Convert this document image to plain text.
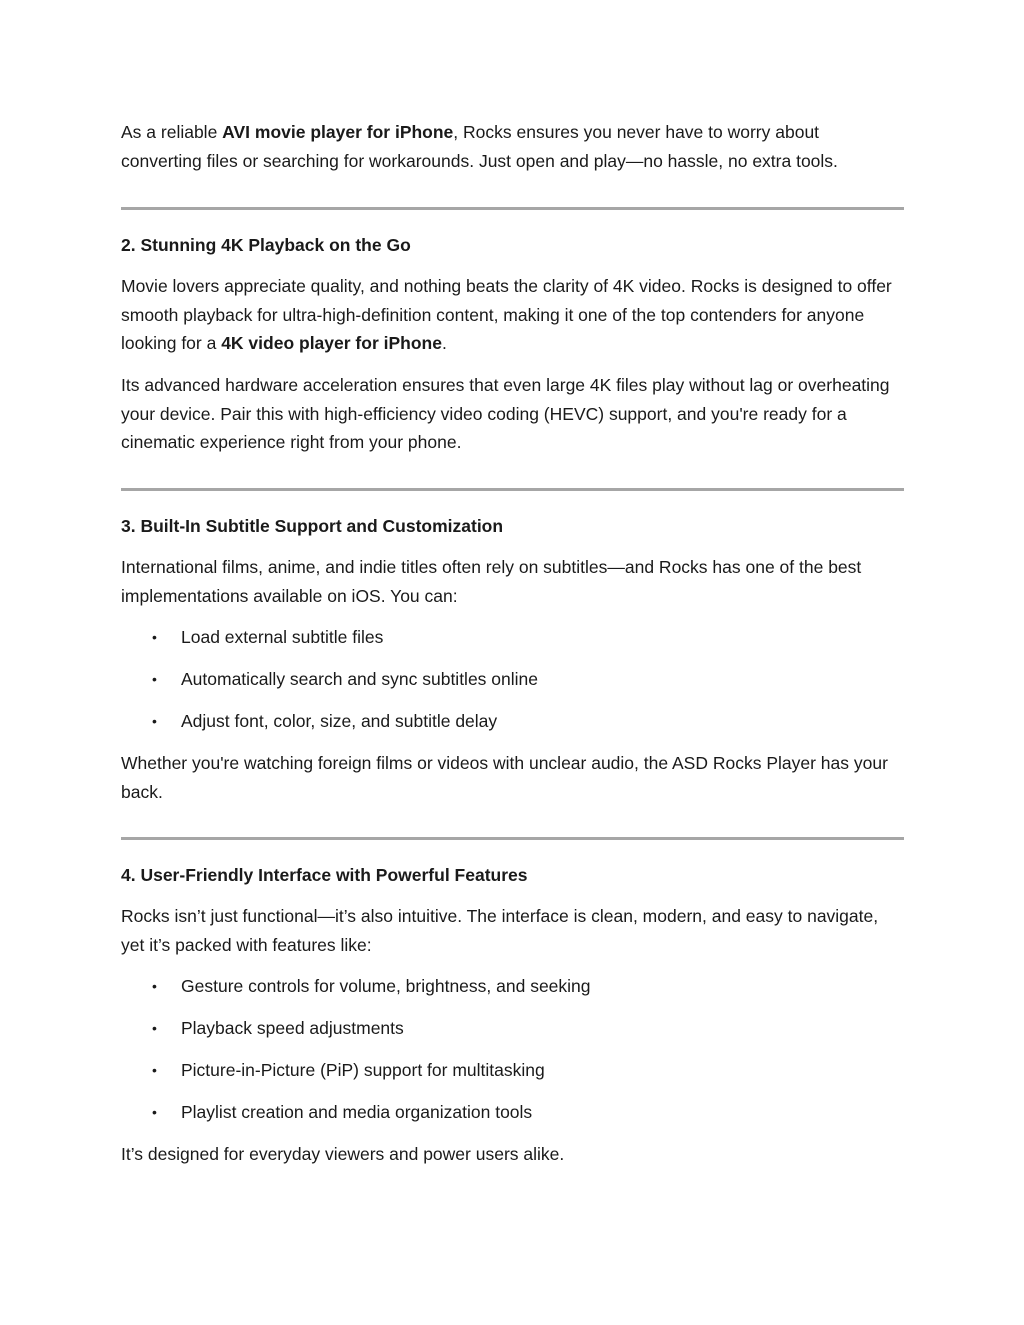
As a reliable AVI movie player for iPhone, Rocks ensures you never have to worry about converting files or searching for workarounds. Just open and play—no hassle, no extra tools.

2. Stunning 4K Playback on the Go

Movie lovers appreciate quality, and nothing beats the clarity of 4K video. Rocks is designed to offer smooth playback for ultra-high-definition content, making it one of the top contenders for anyone looking for a 4K video player for iPhone.

Its advanced hardware acceleration ensures that even large 4K files play without lag or overheating your device. Pair this with high-efficiency video coding (HEVC) support, and you're ready for a cinematic experience right from your phone.

3. Built-In Subtitle Support and Customization

International films, anime, and indie titles often rely on subtitles—and Rocks has one of the best implementations available on iOS. You can:

• Load external subtitle files
• Automatically search and sync subtitles online
• Adjust font, color, size, and subtitle delay

Whether you're watching foreign films or videos with unclear audio, the ASD Rocks Player has your back.

4. User-Friendly Interface with Powerful Features

Rocks isn’t just functional—it’s also intuitive. The interface is clean, modern, and easy to navigate, yet it’s packed with features like:

• Gesture controls for volume, brightness, and seeking
• Playback speed adjustments
• Picture-in-Picture (PiP) support for multitasking
• Playlist creation and media organization tools

It’s designed for everyday viewers and power users alike.
